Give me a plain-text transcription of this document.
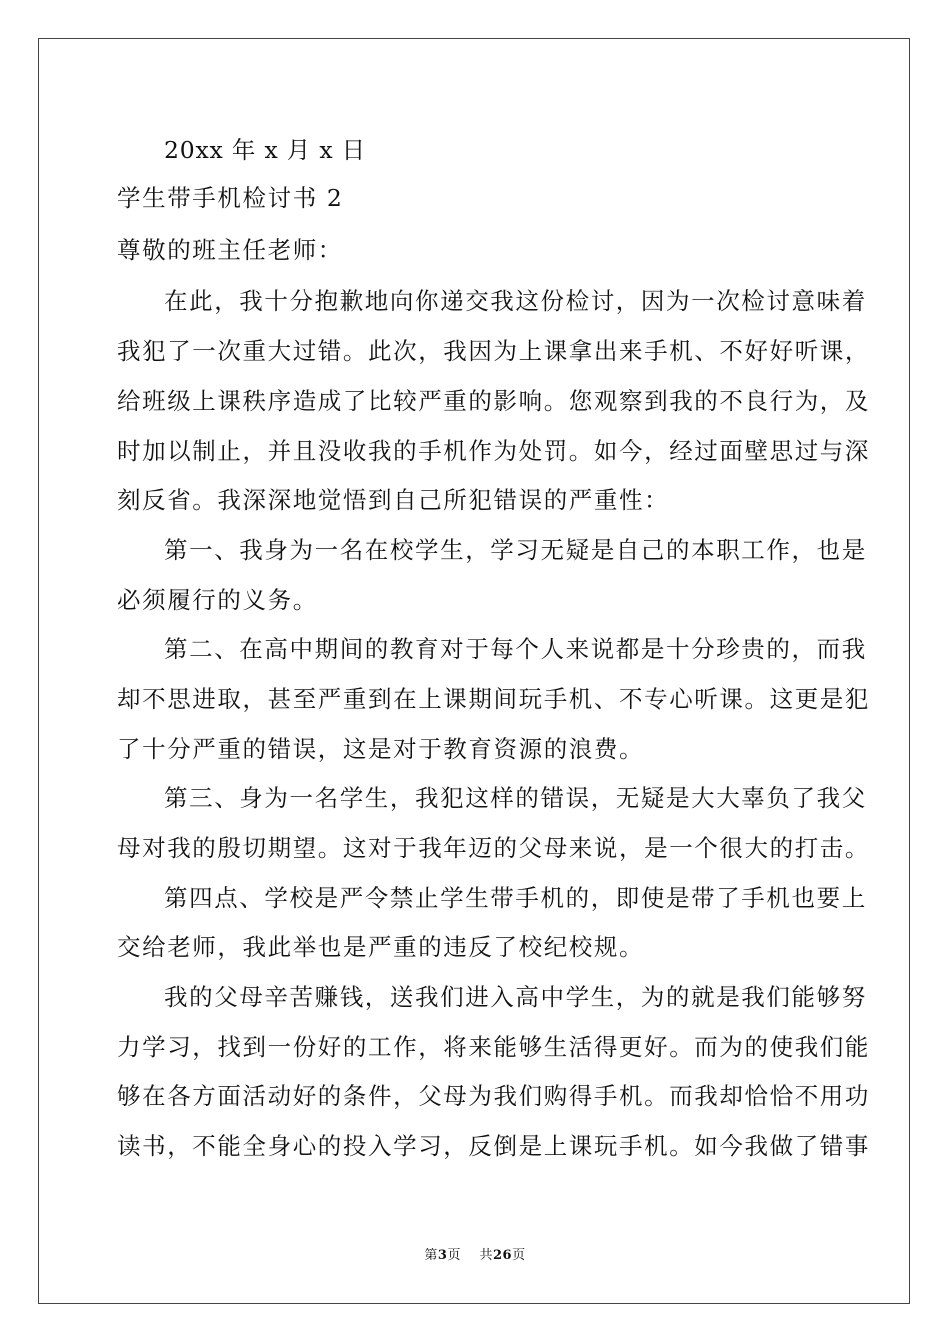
20xx 年 x 月 x 日
学生带手机检讨书 2
尊敬的班主任老师：
在此，我十分抱歉地向你递交我这份检讨，因为一次检讨意味着
我犯了一次重大过错。此次，我因为上课拿出来手机、不好好听课，
给班级上课秩序造成了比较严重的影响。您观察到我的不良行为，及
时加以制止，并且没收我的手机作为处罚。如今，经过面壁思过与深
刻反省。我深深地觉悟到自己所犯错误的严重性：
第一、我身为一名在校学生，学习无疑是自己的本职工作，也是
必须履行的义务。
第二、在高中期间的教育对于每个人来说都是十分珍贵的，而我
却不思进取，甚至严重到在上课期间玩手机、不专心听课。这更是犯
了十分严重的错误，这是对于教育资源的浪费。
第三、身为一名学生，我犯这样的错误，无疑是大大辜负了我父
母对我的殷切期望。这对于我年迈的父母来说，是一个很大的打击。
第四点、学校是严令禁止学生带手机的，即使是带了手机也要上
交给老师，我此举也是严重的违反了校纪校规。
我的父母辛苦赚钱，送我们进入高中学生，为的就是我们能够努
力学习，找到一份好的工作，将来能够生活得更好。而为的使我们能
够在各方面活动好的条件，父母为我们购得手机。而我却恰恰不用功
读书，不能全身心的投入学习，反倒是上课玩手机。如今我做了错事
第3页 共26页
